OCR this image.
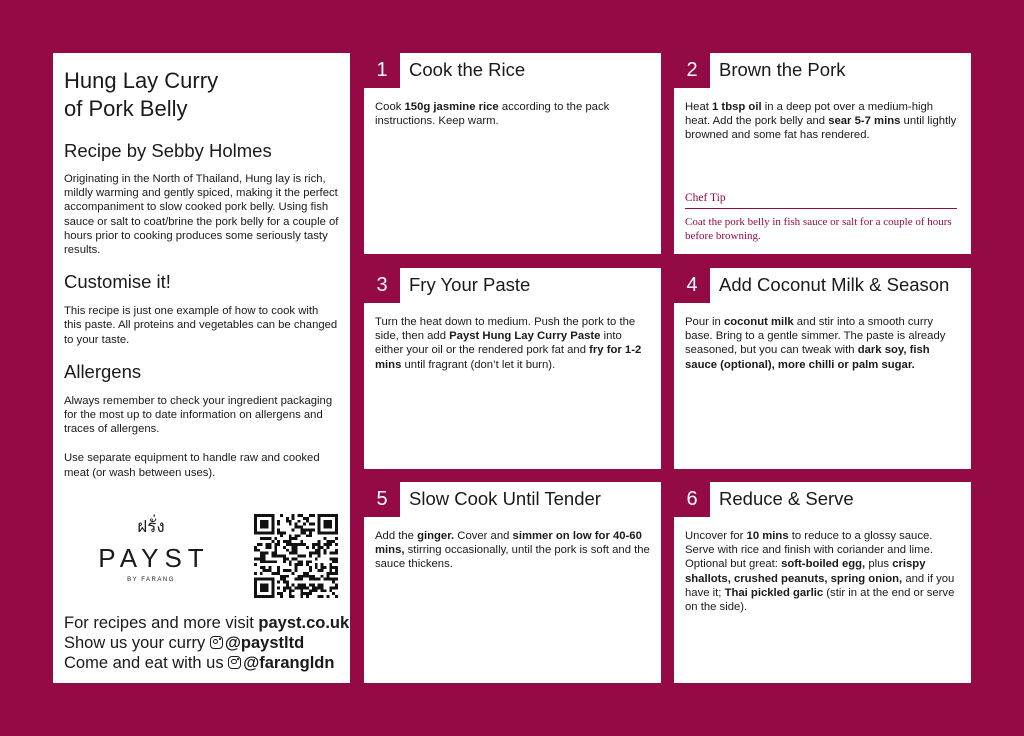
Hung Lay Curry
of Pork Belly
Recipe by Sebby Holmes

Originating in the North of Thailand, Hung lay is rich, mildly warming and gently spiced, making it the perfect accompaniment to slow cooked pork belly. Using fish sauce or salt to coat/brine the pork belly for a couple of hours prior to cooking produces some seriously tasty results.

Customise it!

This recipe is just one example of how to cook with this paste. All proteins and vegetables can be changed to your taste.

Allergens

Always remember to check your ingredient packaging for the most up to date information on allergens and traces of allergens.

Use separate equipment to handle raw and cooked meat (or wash between uses).

ฝรั่ง
PAYST
BY FARANG
For recipes and more visit payst.co.uk
Show us your curry @paystltd
Come and eat with us @farangldn
1	Cook the Rice
Cook 150g jasmine rice according to the pack instructions. Keep warm.
2	Brown the Pork
Heat 1 tbsp oil in a deep pot over a medium-high heat. Add the pork belly and sear 5-7 mins until lightly browned and some fat has rendered.
Chef Tip
Coat the pork belly in fish sauce or salt for a couple of hours before browning.
3	Fry Your Paste
Turn the heat down to medium. Push the pork to the side, then add Payst Hung Lay Curry Paste into either your oil or the rendered pork fat and fry for 1-2 mins until fragrant (don’t let it burn).
4	Add Coconut Milk & Season
Pour in coconut milk and stir into a smooth curry base. Bring to a gentle simmer. The paste is already seasoned, but you can tweak with dark soy, fish sauce (optional), more chilli or palm sugar.
5	Slow Cook Until Tender
Add the ginger. Cover and simmer on low for 40-60 mins, stirring occasionally, until the pork is soft and the sauce thickens.
6	Reduce & Serve
Uncover for 10 mins to reduce to a glossy sauce. Serve with rice and finish with coriander and lime. Optional but great: soft-boiled egg, plus crispy shallots, crushed peanuts, spring onion, and if you have it; Thai pickled garlic (stir in at the end or serve on the side).
